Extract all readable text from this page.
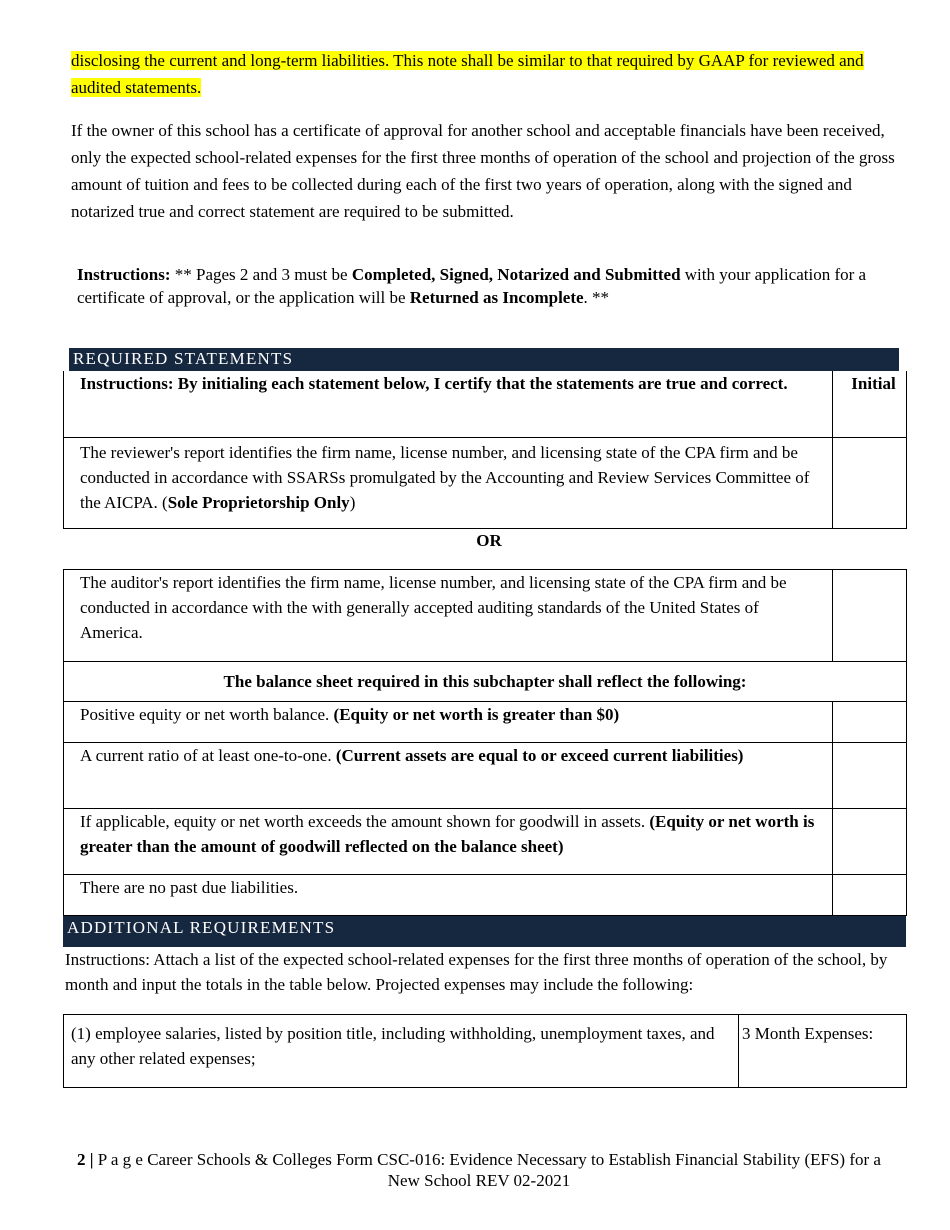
disclosing the current and long-term liabilities. This note shall be similar to that required by GAAP for reviewed and audited statements.
If the owner of this school has a certificate of approval for another school and acceptable financials have been received, only the expected school-related expenses for the first three months of operation of the school and projection of the gross amount of tuition and fees to be collected during each of the first two years of operation, along with the signed and notarized true and correct statement are required to be submitted.
Instructions: ** Pages 2 and 3 must be Completed, Signed, Notarized and Submitted with your application for a certificate of approval, or the application will be Returned as Incomplete. **
REQUIRED STATEMENTS
Instructions: By initialing each statement below, I certify that the statements are true and correct.	Initial
The reviewer's report identifies the firm name, license number, and licensing state of the CPA firm and be conducted in accordance with SSARSs promulgated by the Accounting and Review Services Committee of the AICPA. (Sole Proprietorship Only)	
OR
The auditor's report identifies the firm name, license number, and licensing state of the CPA firm and be conducted in accordance with the with generally accepted auditing standards of the United States of America.	
The balance sheet required in this subchapter shall reflect the following:	
Positive equity or net worth balance. (Equity or net worth is greater than $0)	
A current ratio of at least one-to-one. (Current assets are equal to or exceed current liabilities)	
If applicable, equity or net worth exceeds the amount shown for goodwill in assets. (Equity or net worth is greater than the amount of goodwill reflected on the balance sheet)	
There are no past due liabilities.	
ADDITIONAL REQUIREMENTS
Instructions: Attach a list of the expected school-related expenses for the first three months of operation of the school, by month and input the totals in the table below. Projected expenses may include the following:
(1) employee salaries, listed by position title, including withholding, unemployment taxes, and any other related expenses;	3 Month Expenses:
2 | P a g e Career Schools & Colleges Form CSC-016: Evidence Necessary to Establish Financial Stability (EFS) for a New School REV 02-2021
